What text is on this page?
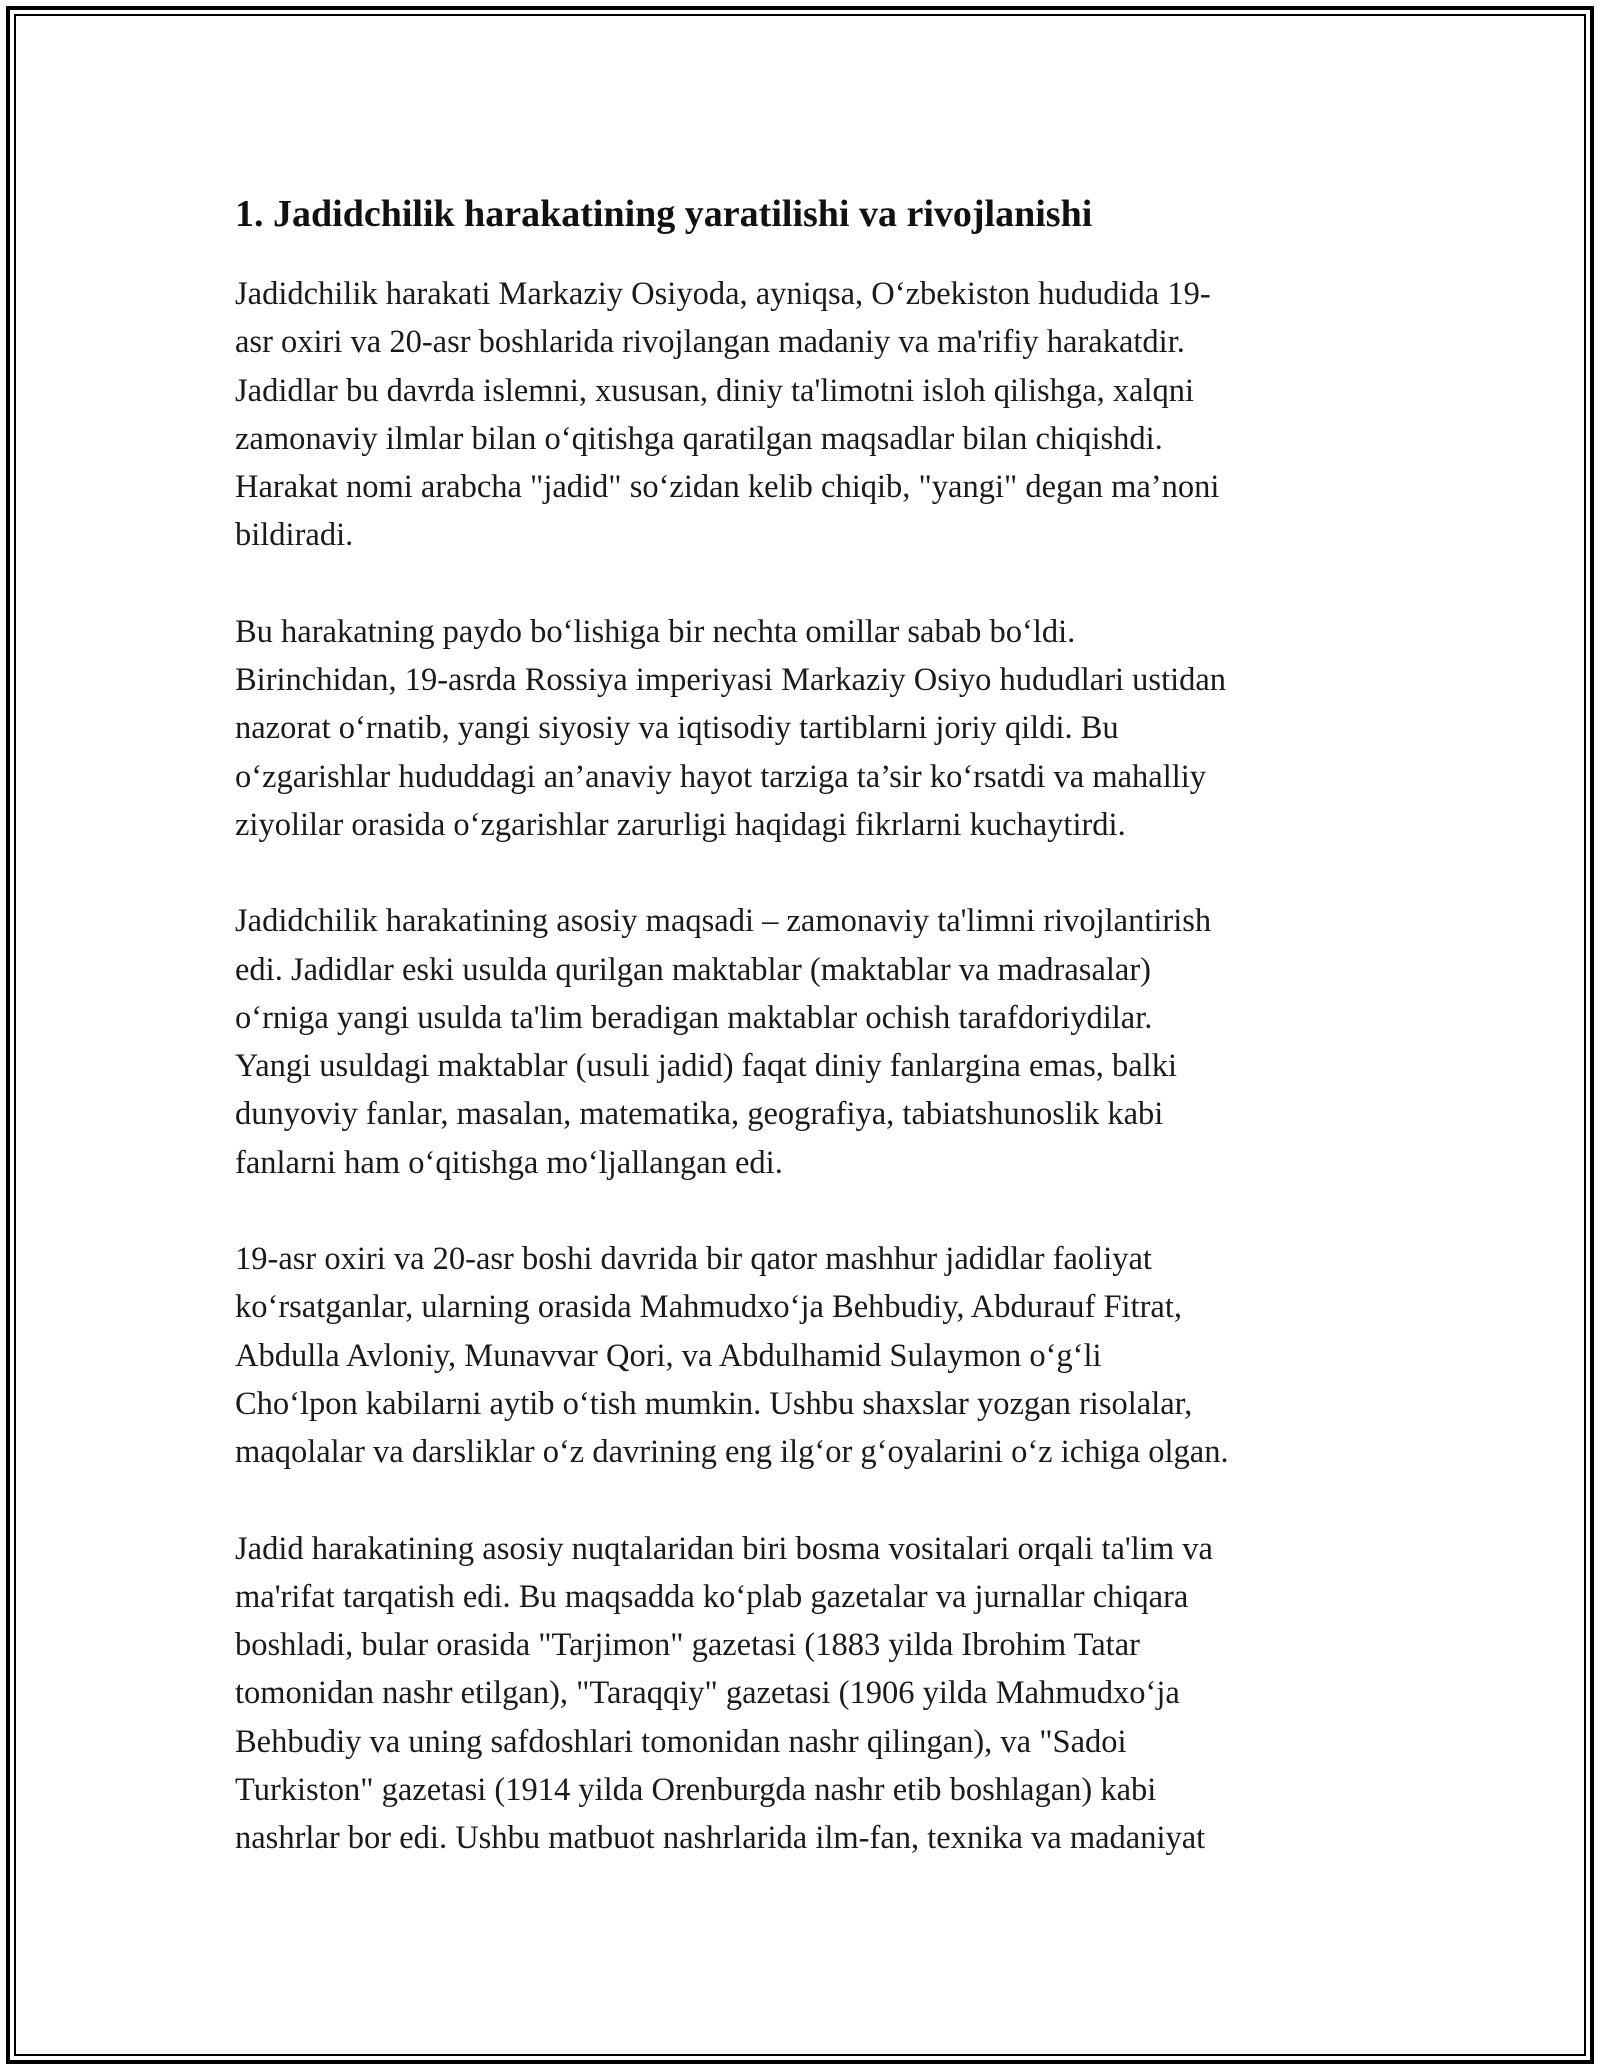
1. Jadidchilik harakatining yaratilishi va rivojlanishi

Jadidchilik harakati Markaziy Osiyoda, ayniqsa, O‘zbekiston hududida 19-
asr oxiri va 20-asr boshlarida rivojlangan madaniy va ma'rifiy harakatdir.
Jadidlar bu davrda islemni, xususan, diniy ta'limotni isloh qilishga, xalqni
zamonaviy ilmlar bilan o‘qitishga qaratilgan maqsadlar bilan chiqishdi.
Harakat nomi arabcha "jadid" so‘zidan kelib chiqib, "yangi" degan ma’noni
bildiradi.

Bu harakatning paydo bo‘lishiga bir nechta omillar sabab bo‘ldi.
Birinchidan, 19-asrda Rossiya imperiyasi Markaziy Osiyo hududlari ustidan
nazorat o‘rnatib, yangi siyosiy va iqtisodiy tartiblarni joriy qildi. Bu
o‘zgarishlar hududdagi an’anaviy hayot tarziga ta’sir ko‘rsatdi va mahalliy
ziyolilar orasida o‘zgarishlar zarurligi haqidagi fikrlarni kuchaytirdi.

Jadidchilik harakatining asosiy maqsadi – zamonaviy ta'limni rivojlantirish
edi. Jadidlar eski usulda qurilgan maktablar (maktablar va madrasalar)
o‘rniga yangi usulda ta'lim beradigan maktablar ochish tarafdoriydilar.
Yangi usuldagi maktablar (usuli jadid) faqat diniy fanlargina emas, balki
dunyoviy fanlar, masalan, matematika, geografiya, tabiatshunoslik kabi
fanlarni ham o‘qitishga mo‘ljallangan edi.

19-asr oxiri va 20-asr boshi davrida bir qator mashhur jadidlar faoliyat
ko‘rsatganlar, ularning orasida Mahmudxo‘ja Behbudiy, Abdurauf Fitrat,
Abdulla Avloniy, Munavvar Qori, va Abdulhamid Sulaymon o‘g‘li
Cho‘lpon kabilarni aytib o‘tish mumkin. Ushbu shaxslar yozgan risolalar,
maqolalar va darsliklar o‘z davrining eng ilg‘or g‘oyalarini o‘z ichiga olgan.

Jadid harakatining asosiy nuqtalaridan biri bosma vositalari orqali ta'lim va
ma'rifat tarqatish edi. Bu maqsadda ko‘plab gazetalar va jurnallar chiqara
boshladi, bular orasida "Tarjimon" gazetasi (1883 yilda Ibrohim Tatar
tomonidan nashr etilgan), "Taraqqiy" gazetasi (1906 yilda Mahmudxo‘ja
Behbudiy va uning safdoshlari tomonidan nashr qilingan), va "Sadoi
Turkiston" gazetasi (1914 yilda Orenburgda nashr etib boshlagan) kabi
nashrlar bor edi. Ushbu matbuot nashrlarida ilm-fan, texnika va madaniyat
